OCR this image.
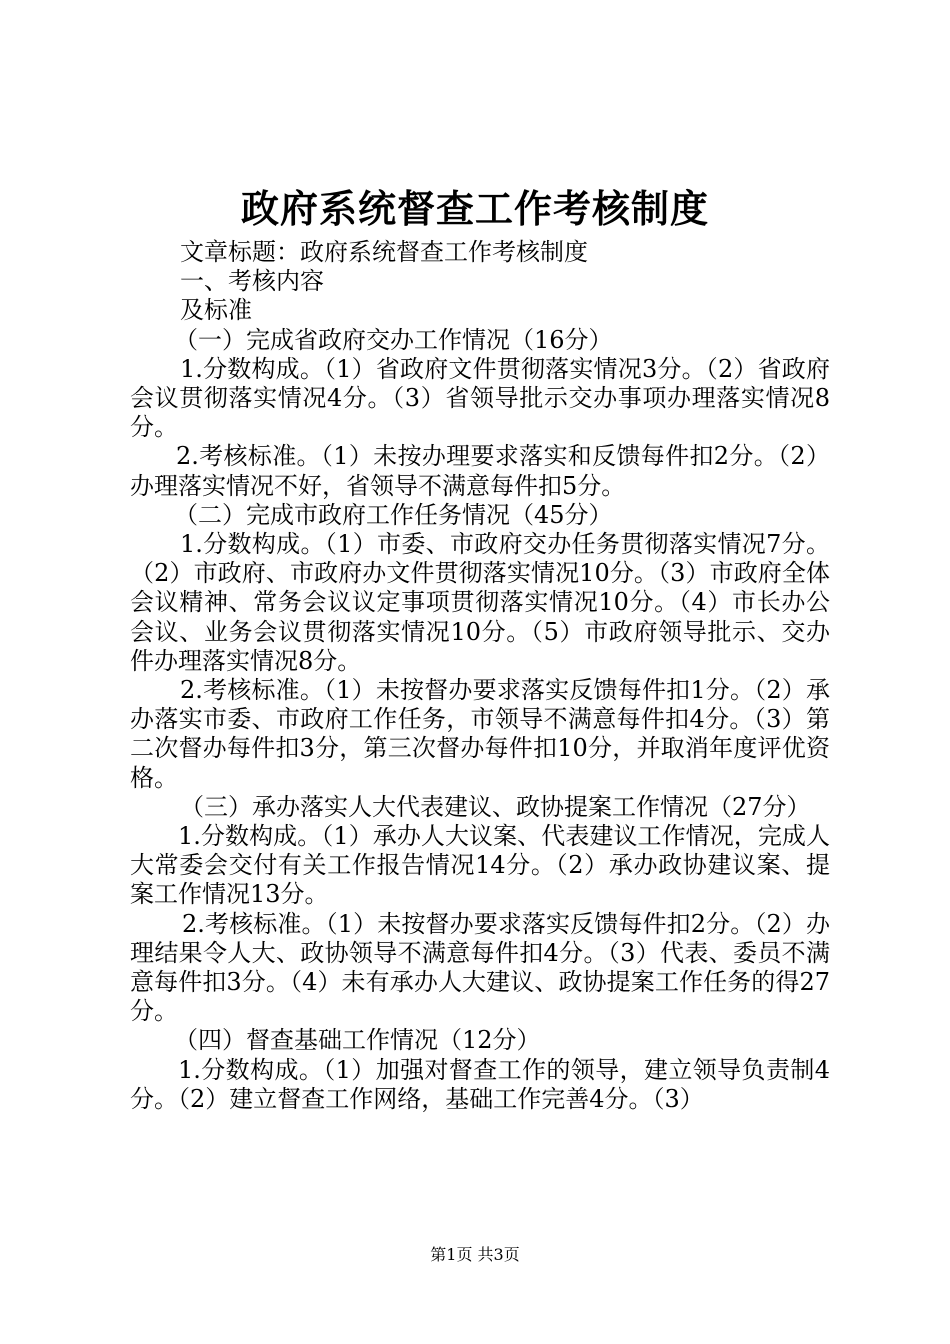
政府系统督查工作考核制度

文章标题：政府系统督查工作考核制度

一、考核内容

及标准

（一）完成省政府交办工作情况（16分）

1.分数构成。（1）省政府文件贯彻落实情况3分。（2）省政府会议贯彻落实情况4分。（3）省领导批示交办事项办理落实情况8分。

2.考核标准。（1）未按办理要求落实和反馈每件扣2分。（2）办理落实情况不好，省领导不满意每件扣5分。

（二）完成市政府工作任务情况（45分）

1.分数构成。（1）市委、市政府交办任务贯彻落实情况7分。（2）市政府、市政府办文件贯彻落实情况10分。（3）市政府全体会议精神、常务会议议定事项贯彻落实情况10分。（4）市长办公会议、业务会议贯彻落实情况10分。（5）市政府领导批示、交办件办理落实情况8分。

2.考核标准。（1）未按督办要求落实反馈每件扣1分。（2）承办落实市委、市政府工作任务，市领导不满意每件扣4分。（3）第二次督办每件扣3分，第三次督办每件扣10分，并取消年度评优资格。

（三）承办落实人大代表建议、政协提案工作情况（27分）

1.分数构成。（1）承办人大议案、代表建议工作情况，完成人大常委会交付有关工作报告情况14分。（2）承办政协建议案、提案工作情况13分。

2.考核标准。（1）未按督办要求落实反馈每件扣2分。（2）办理结果令人大、政协领导不满意每件扣4分。（3）代表、委员不满意每件扣3分。（4）未有承办人大建议、政协提案工作任务的得27分。

（四）督查基础工作情况（12分）

1.分数构成。（1）加强对督查工作的领导，建立领导负责制4分。（2）建立督查工作网络，基础工作完善4分。（3）

第1页 共3页
